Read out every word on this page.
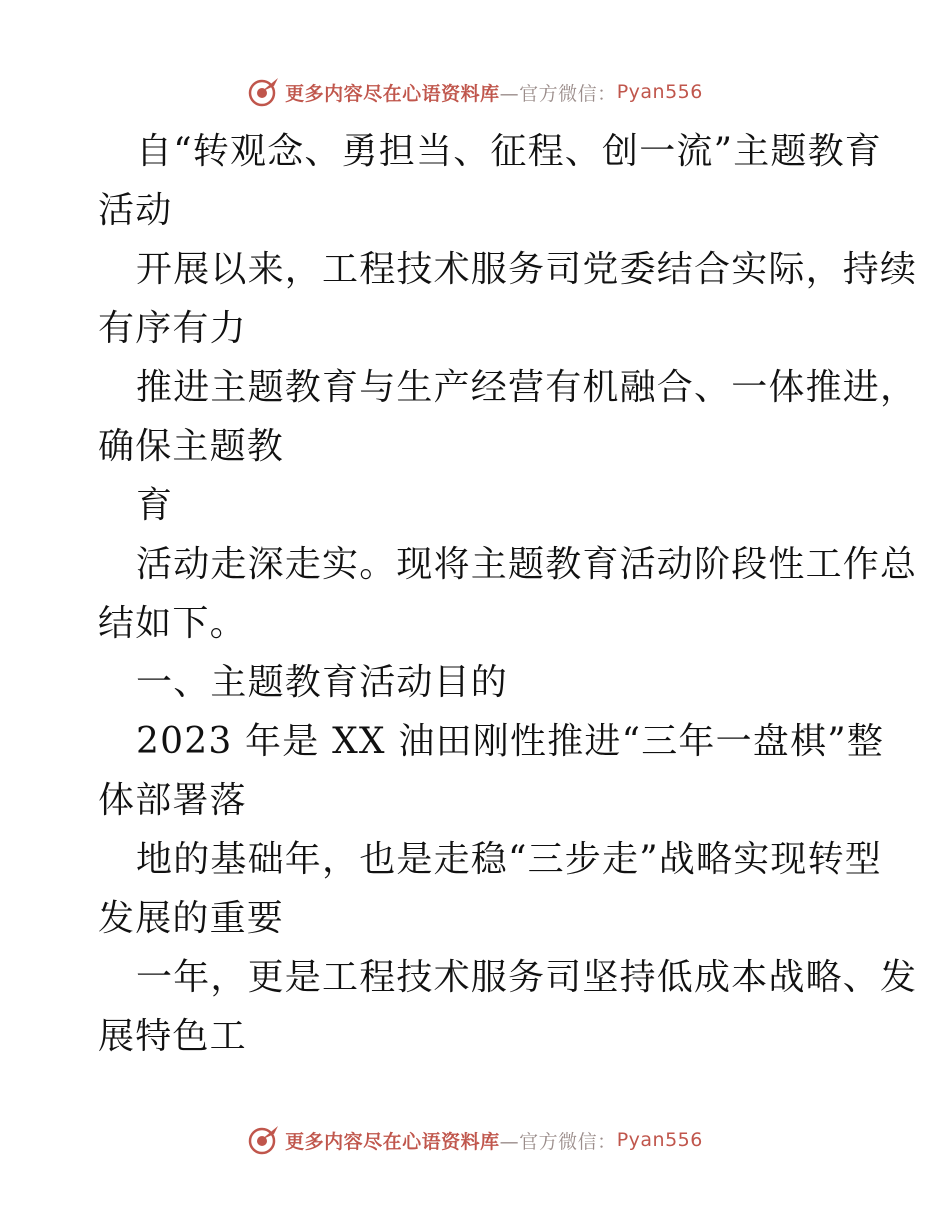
更多内容尽在心语资料库 —官方微信： Pyan556
自“转观念、勇担当、征程、创一流”主题教育
活动
开展以来，工程技术服务司党委结合实际，持续
有序有力
推进主题教育与生产经营有机融合、一体推进，
确保主题教
育
活动走深走实。现将主题教育活动阶段性工作总
结如下。
一、主题教育活动目的
2023 年是 XX 油田刚性推进“三年一盘棋”整
体部署落
地的基础年，也是走稳“三步走”战略实现转型
发展的重要
一年，更是工程技术服务司坚持低成本战略、发
展特色工
更多内容尽在心语资料库 —官方微信： Pyan556
